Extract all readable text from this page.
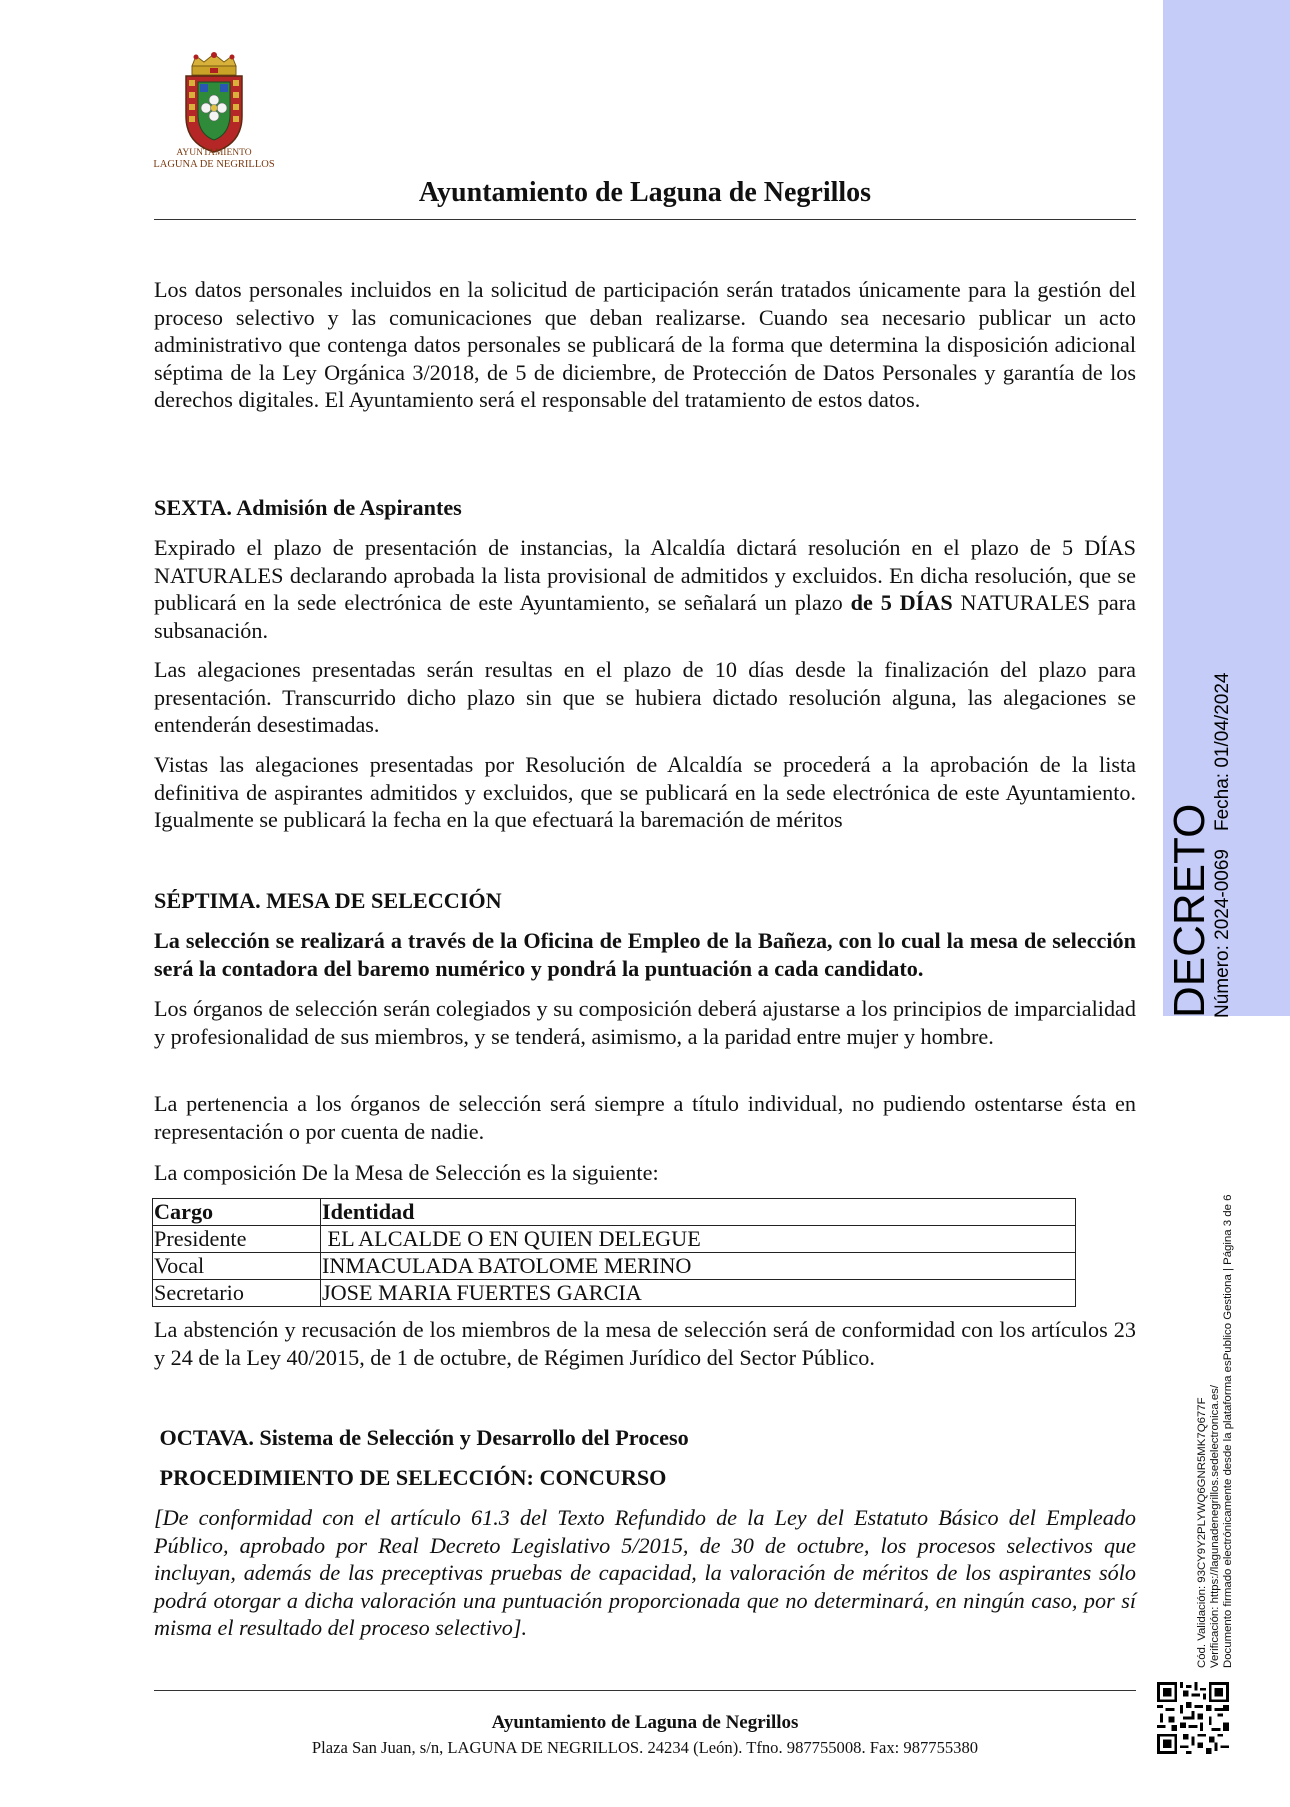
AYUNTAMIENTO
LAGUNA DE NEGRILLOS
Ayuntamiento de Laguna de Negrillos
Los datos personales incluidos en la solicitud de participación serán tratados únicamente para la gestión del proceso selectivo y las comunicaciones que deban realizarse. Cuando sea necesario publicar un acto administrativo que contenga datos personales se publicará de la forma que determina la disposición adicional séptima de la Ley Orgánica 3/2018, de 5 de diciembre, de Protección de Datos Personales y garantía de los derechos digitales. El Ayuntamiento será el responsable del tratamiento de estos datos.
SEXTA. Admisión de Aspirantes
Expirado el plazo de presentación de instancias, la Alcaldía dictará resolución en el plazo de 5 DÍAS NATURALES declarando aprobada la lista provisional de admitidos y excluidos. En dicha resolución, que se publicará en la sede electrónica de este Ayuntamiento, se señalará un plazo de 5 DÍAS NATURALES para subsanación.
Las alegaciones presentadas serán resultas en el plazo de 10 días desde la finalización del plazo para presentación. Transcurrido dicho plazo sin que se hubiera dictado resolución alguna, las alegaciones se entenderán desestimadas.
Vistas las alegaciones presentadas por Resolución de Alcaldía se procederá a la aprobación de la lista definitiva de aspirantes admitidos y excluidos, que se publicará en la sede electrónica de este Ayuntamiento. Igualmente se publicará la fecha en la que efectuará la baremación de méritos
SÉPTIMA. MESA DE SELECCIÓN
La selección se realizará a través de la Oficina de Empleo de la Bañeza, con lo cual la mesa de selección será la contadora del baremo numérico y pondrá la puntuación a cada candidato.
Los órganos de selección serán colegiados y su composición deberá ajustarse a los principios de imparcialidad y profesionalidad de sus miembros, y se tenderá, asimismo, a la paridad entre mujer y hombre.
La pertenencia a los órganos de selección será siempre a título individual, no pudiendo ostentarse ésta en representación o por cuenta de nadie.
La composición De la Mesa de Selección es la siguiente:
Cargo	Identidad
Presidente	EL ALCALDE O EN QUIEN DELEGUE
Vocal	INMACULADA BATOLOME MERINO
Secretario	JOSE MARIA FUERTES GARCIA
La abstención y recusación de los miembros de la mesa de selección será de conformidad con los artículos 23 y 24 de la Ley 40/2015, de 1 de octubre, de Régimen Jurídico del Sector Público.
OCTAVA. Sistema de Selección y Desarrollo del Proceso
PROCEDIMIENTO DE SELECCIÓN: CONCURSO
[De conformidad con el artículo 61.3 del Texto Refundido de la Ley del Estatuto Básico del Empleado Público, aprobado por Real Decreto Legislativo 5/2015, de 30 de octubre, los procesos selectivos que incluyan, además de las preceptivas pruebas de capacidad, la valoración de méritos de los aspirantes sólo podrá otorgar a dicha valoración una puntuación proporcionada que no determinará, en ningún caso, por sí misma el resultado del proceso selectivo].
Ayuntamiento de Laguna de Negrillos
Plaza San Juan, s/n, LAGUNA DE NEGRILLOS. 24234 (León). Tfno. 987755008. Fax: 987755380
DECRETO
Número: 2024-0069Fecha: 01/04/2024
Cód. Validación: 93CY9Y2PLYWQ6GNR5MK7Q677F Verificación: https://lagunadenegrillos.sedelectronica.es/ Documento firmado electrónicamente desde la plataforma esPublico Gestiona | Página 3 de 6
